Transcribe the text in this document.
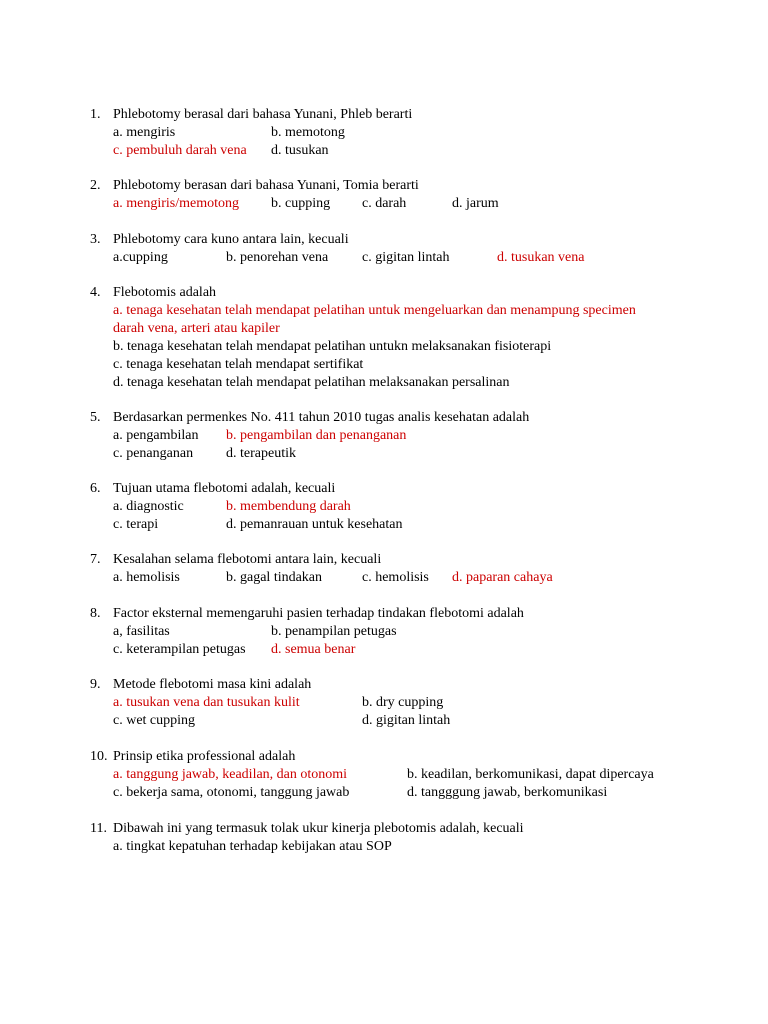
1. Phlebotomy berasal dari bahasa Yunani, Phleb berarti
a. mengiris	b. memotong
c. pembuluh darah vena d. tusukan
2. Phlebotomy berasan dari bahasa Yunani, Tomia berarti
a. mengiris/memotong b. cupping c. darah	d. jarum
3. Phlebotomy cara kuno antara lain, kecuali
a.cupping	b. penorehan vena c. gigitan lintah	d. tusukan vena
4. Flebotomis adalah
a. tenaga kesehatan telah mendapat pelatihan untuk mengeluarkan dan menampung specimen
darah vena, arteri atau kapiler
b. tenaga kesehatan telah mendapat pelatihan untukn melaksanakan fisioterapi
c. tenaga kesehatan telah mendapat sertifikat
d. tenaga kesehatan telah mendapat pelatihan melaksanakan persalinan
5. Berdasarkan permenkes No. 411 tahun 2010 tugas analis kesehatan adalah
a. pengambilan b. pengambilan dan penanganan
c. penanganan d. terapeutik
6. Tujuan utama flebotomi adalah, kecuali
a. diagnostic	b. membendung darah
c. terapi	d. pemanrauan untuk kesehatan
7. Kesalahan selama flebotomi antara lain, kecuali
a. hemolisis	b. gagal tindakan	c. hemolisis d. paparan cahaya
8. Factor eksternal memengaruhi pasien terhadap tindakan flebotomi adalah
a, fasilitas	b. penampilan petugas
c. keterampilan petugas d. semua benar
9. Metode flebotomi masa kini adalah
a. tusukan vena dan tusukan kulit	b. dry cupping
c. wet cupping	d. gigitan lintah
10. Prinsip etika professional adalah
a. tanggung jawab, keadilan, dan otonomi	b. keadilan, berkomunikasi, dapat dipercaya
c. bekerja sama, otonomi, tanggung jawab	d. tangggung jawab, berkomunikasi
11. Dibawah ini yang termasuk tolak ukur kinerja plebotomis adalah, kecuali
a. tingkat kepatuhan terhadap kebijakan atau SOP
